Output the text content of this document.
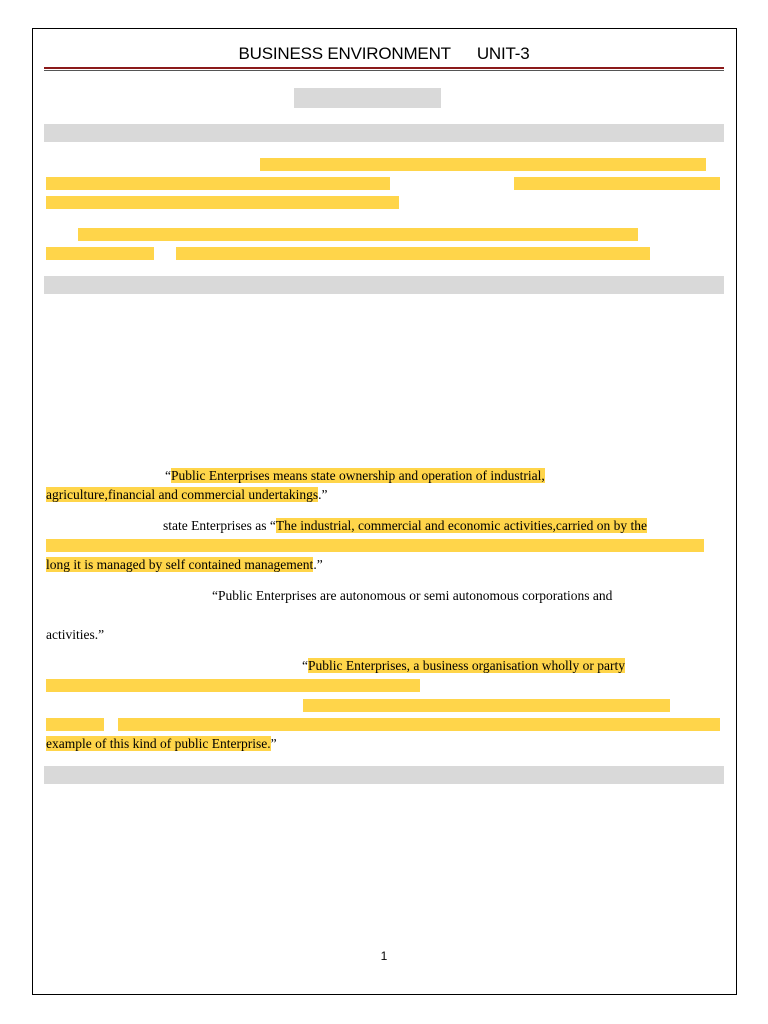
BUSINESS ENVIRONMENT UNIT-3
“Public Enterprises means state ownership and operation of industrial,
agriculture,financial and commercial undertakings.”
state Enterprises as “The industrial, commercial and economic activities,carried on by the
long it is managed by self contained management.”
“Public Enterprises are autonomous or semi autonomous corporations and
activities.”
“Public Enterprises, a business organisation wholly or party
example of this kind of public Enterprise.”
1
